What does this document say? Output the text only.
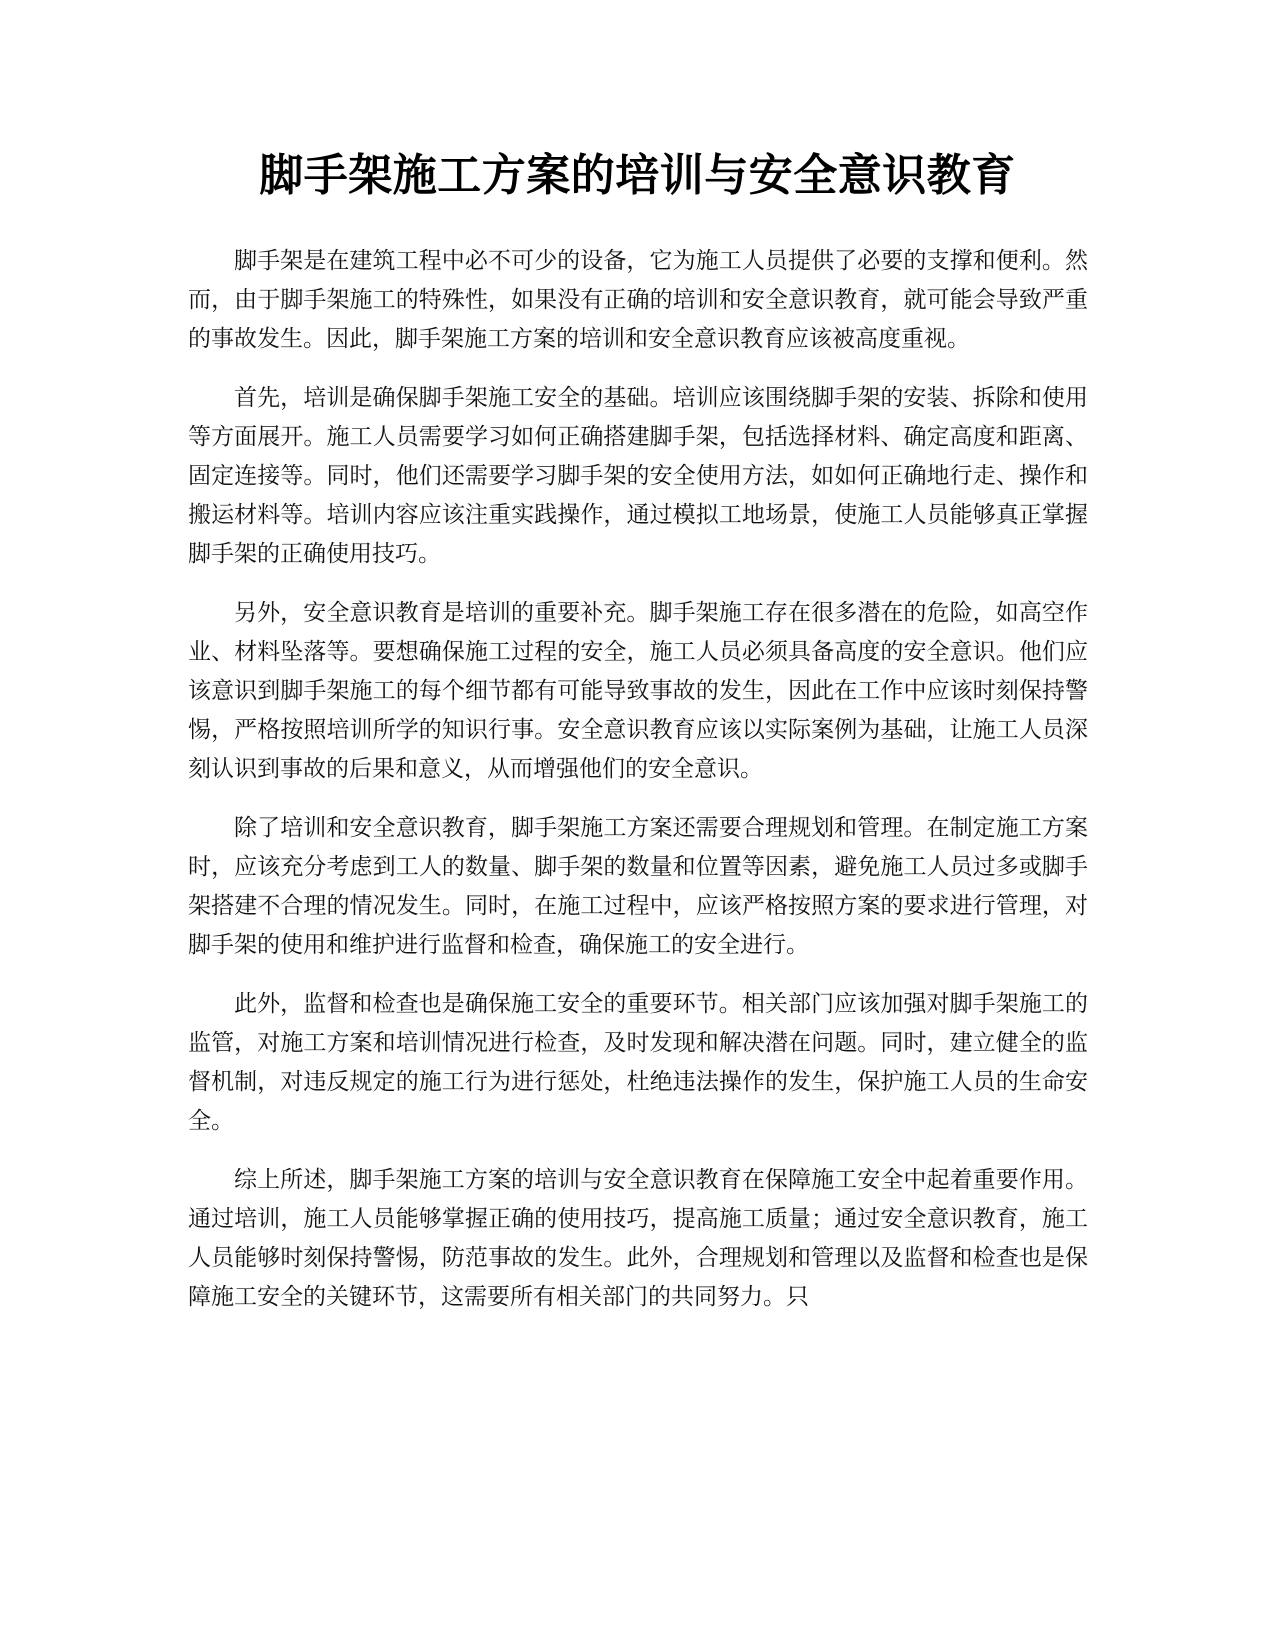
脚手架施工方案的培训与安全意识教育

脚手架是在建筑工程中必不可少的设备，它为施工人员提供了必要的支撑和便利。然而，由于脚手架施工的特殊性，如果没有正确的培训和安全意识教育，就可能会导致严重的事故发生。因此，脚手架施工方案的培训和安全意识教育应该被高度重视。

首先，培训是确保脚手架施工安全的基础。培训应该围绕脚手架的安装、拆除和使用等方面展开。施工人员需要学习如何正确搭建脚手架，包括选择材料、确定高度和距离、固定连接等。同时，他们还需要学习脚手架的安全使用方法，如如何正确地行走、操作和搬运材料等。培训内容应该注重实践操作，通过模拟工地场景，使施工人员能够真正掌握脚手架的正确使用技巧。

另外，安全意识教育是培训的重要补充。脚手架施工存在很多潜在的危险，如高空作业、材料坠落等。要想确保施工过程的安全，施工人员必须具备高度的安全意识。他们应该意识到脚手架施工的每个细节都有可能导致事故的发生，因此在工作中应该时刻保持警惕，严格按照培训所学的知识行事。安全意识教育应该以实际案例为基础，让施工人员深刻认识到事故的后果和意义，从而增强他们的安全意识。

除了培训和安全意识教育，脚手架施工方案还需要合理规划和管理。在制定施工方案时，应该充分考虑到工人的数量、脚手架的数量和位置等因素，避免施工人员过多或脚手架搭建不合理的情况发生。同时，在施工过程中，应该严格按照方案的要求进行管理，对脚手架的使用和维护进行监督和检查，确保施工的安全进行。

此外，监督和检查也是确保施工安全的重要环节。相关部门应该加强对脚手架施工的监管，对施工方案和培训情况进行检查，及时发现和解决潜在问题。同时，建立健全的监督机制，对违反规定的施工行为进行惩处，杜绝违法操作的发生，保护施工人员的生命安全。

综上所述，脚手架施工方案的培训与安全意识教育在保障施工安全中起着重要作用。通过培训，施工人员能够掌握正确的使用技巧，提高施工质量；通过安全意识教育，施工人员能够时刻保持警惕，防范事故的发生。此外，合理规划和管理以及监督和检查也是保障施工安全的关键环节，这需要所有相关部门的共同努力。只
